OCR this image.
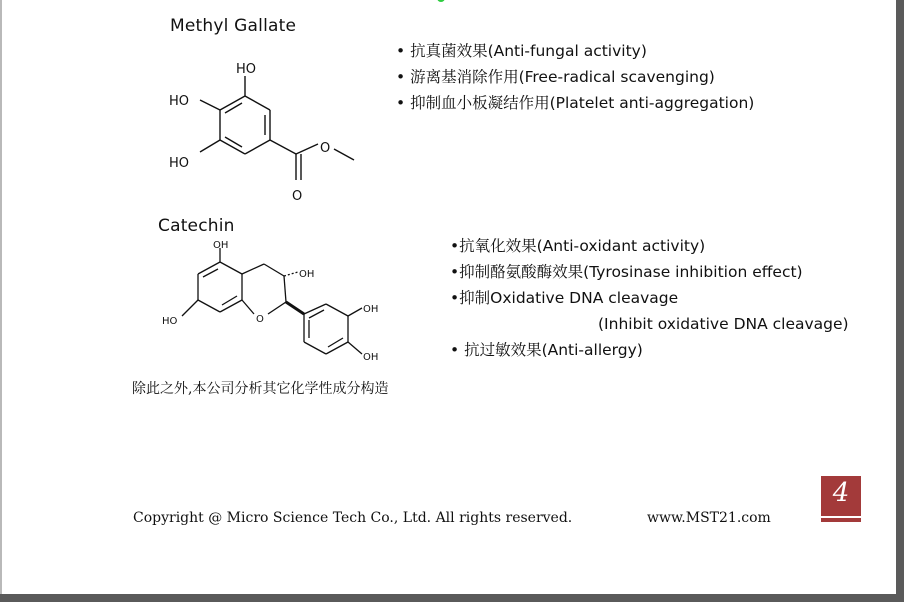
Methyl Gallate
HO
HO
HO
O
O
• 抗真菌效果(Anti-fungal activity)
• 游离基消除作用(Free-radical scavenging)
• 抑制血小板凝结作用(Platelet anti-aggregation)
Catechin
OH
OH
HO	O
OH
OH
•抗氧化效果(Anti-oxidant activity)
•抑制酪氨酸酶效果(Tyrosinase inhibition effect)
•抑制Oxidative DNA cleavage
(Inhibit oxidative DNA cleavage)
• 抗过敏效果(Anti-allergy)
除此之外,本公司分析其它化学性成分构造
Copyright @ Micro Science Tech Co., Ltd. All rights reserved.	www.MST21.com
4
